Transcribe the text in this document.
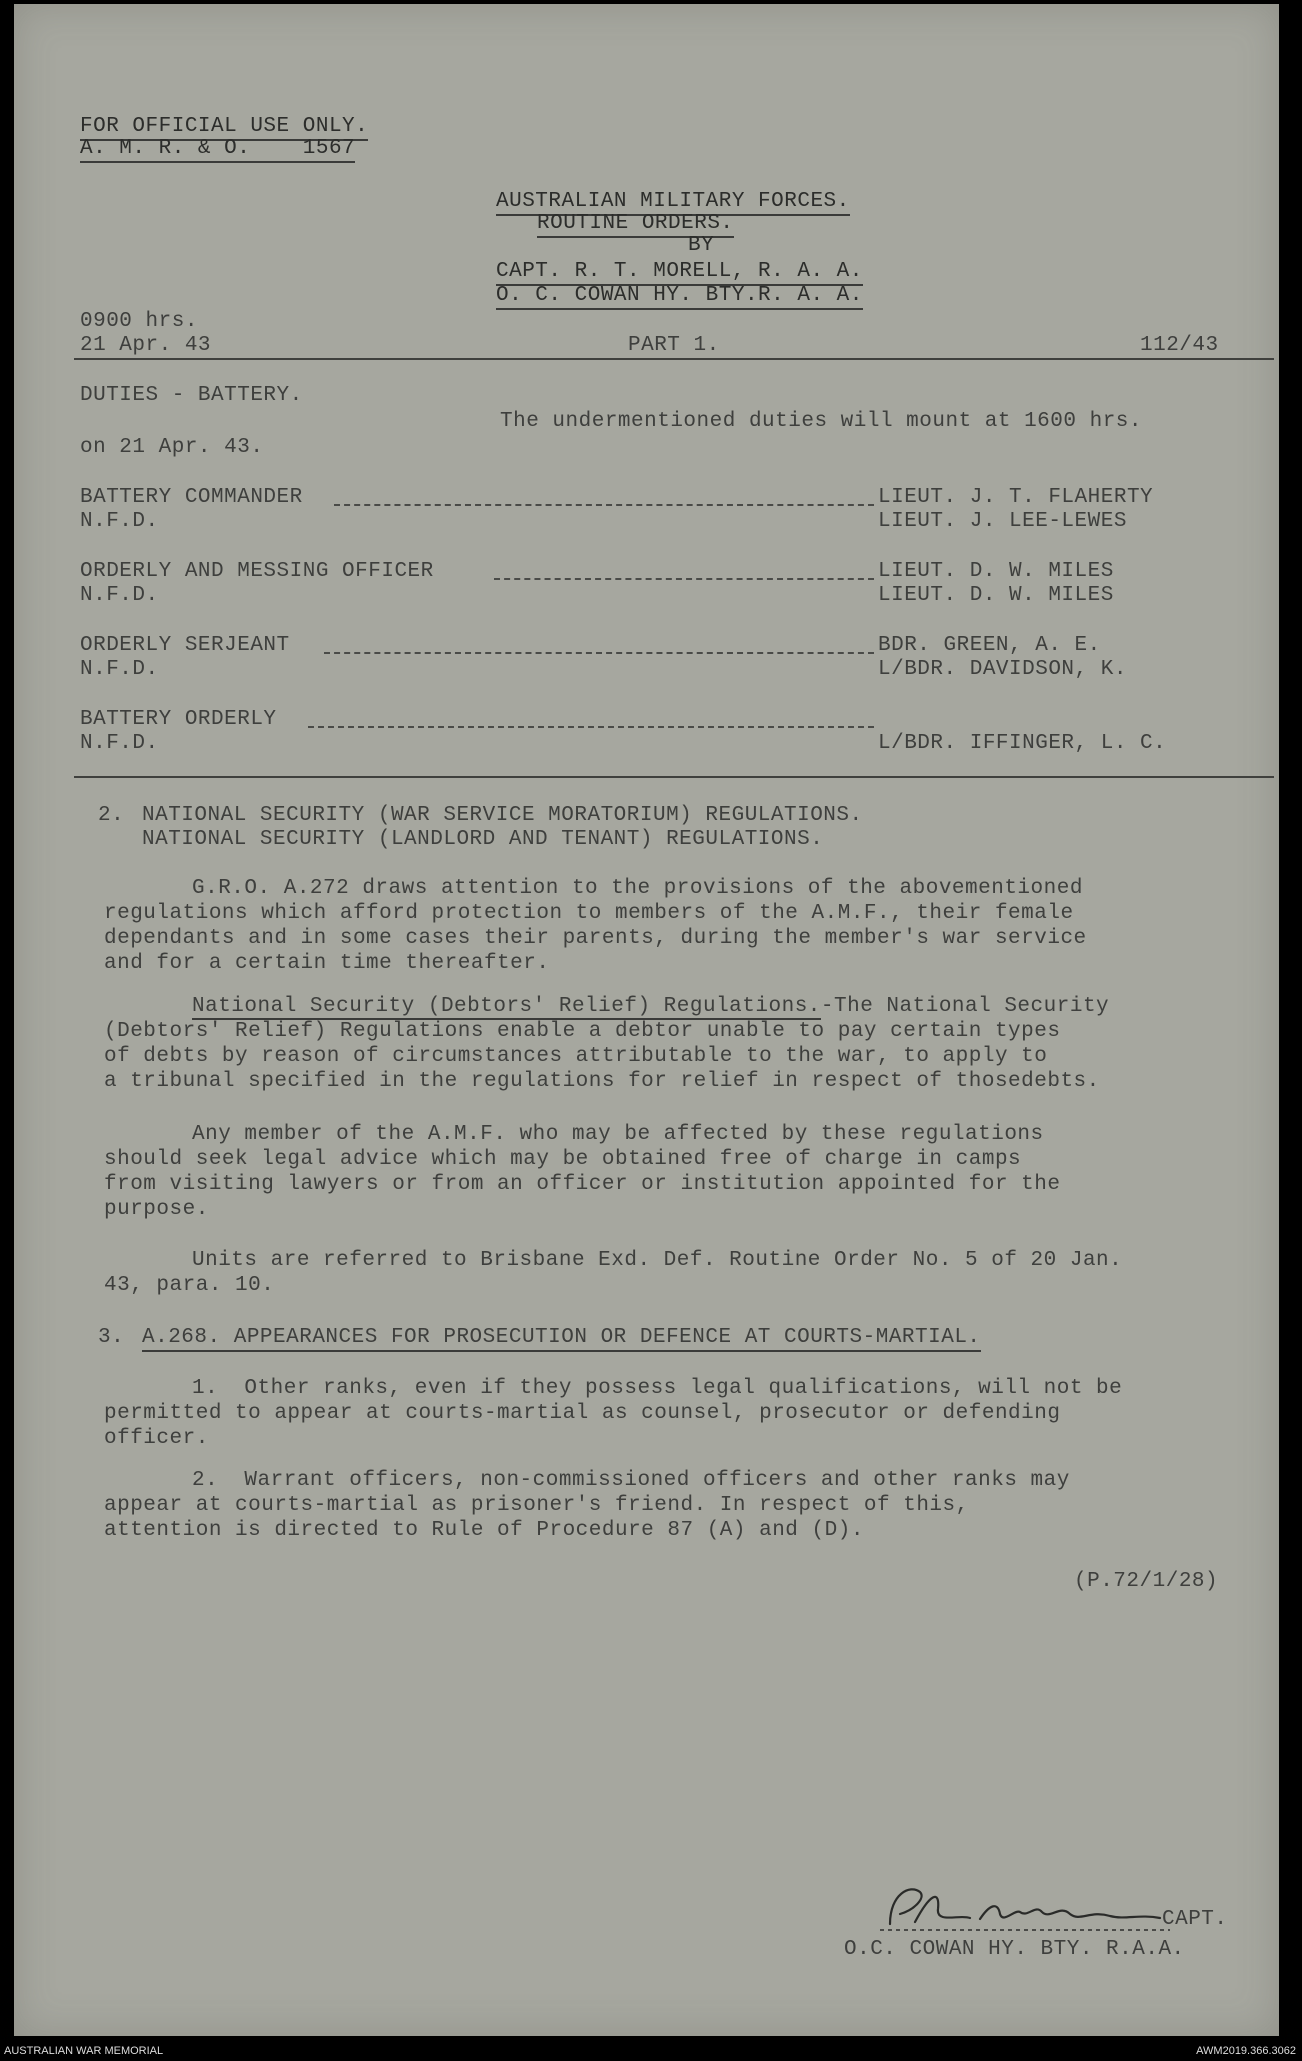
FOR OFFICIAL USE ONLY.
A. M. R. & O.    1567
AUSTRALIAN MILITARY FORCES.
ROUTINE ORDERS.
BY
CAPT. R. T. MORELL, R. A. A.
O. C. COWAN HY. BTY.R. A. A.
0900 hrs.
21 Apr. 43	PART 1.	112/43
DUTIES - BATTERY.
The undermentioned duties will mount at 1600 hrs.
on 21 Apr. 43.
BATTERY COMMANDER	LIEUT. J. T. FLAHERTY
N.F.D.	LIEUT. J. LEE-LEWES
ORDERLY AND MESSING OFFICER	LIEUT. D. W. MILES
N.F.D.	LIEUT. D. W. MILES
ORDERLY SERJEANT	BDR. GREEN, A. E.
N.F.D.	L/BDR. DAVIDSON, K.
BATTERY ORDERLY
N.F.D.	L/BDR. IFFINGER, L. C.
2. NATIONAL SECURITY (WAR SERVICE MORATORIUM) REGULATIONS.
NATIONAL SECURITY (LANDLORD AND TENANT) REGULATIONS.
G.R.O. A.272 draws attention to the provisions of the abovementioned
regulations which afford protection to members of the A.M.F., their female
dependants and in some cases their parents, during the member's war service
and for a certain time thereafter.
National Security (Debtors' Relief) Regulations.-The National Security
(Debtors' Relief) Regulations enable a debtor unable to pay certain types
of debts by reason of circumstances attributable to the war, to apply to
a tribunal specified in the regulations for relief in respect of thosedebts.
Any member of the A.M.F. who may be affected by these regulations
should seek legal advice which may be obtained free of charge in camps
from visiting lawyers or from an officer or institution appointed for the
purpose.
Units are referred to Brisbane Exd. Def. Routine Order No. 5 of 20 Jan.
43, para. 10.
3. A.268. APPEARANCES FOR PROSECUTION OR DEFENCE AT COURTS-MARTIAL.
1.  Other ranks, even if they possess legal qualifications, will not be
permitted to appear at courts-martial as counsel, prosecutor or defending
officer.
2.  Warrant officers, non-commissioned officers and other ranks may
appear at courts-martial as prisoner's friend. In respect of this,
attention is directed to Rule of Procedure 87 (A) and (D).
(P.72/1/28)
CAPT.
O.C. COWAN HY. BTY. R.A.A.
AUSTRALIAN WAR MEMORIAL	AWM2019.366.3062
